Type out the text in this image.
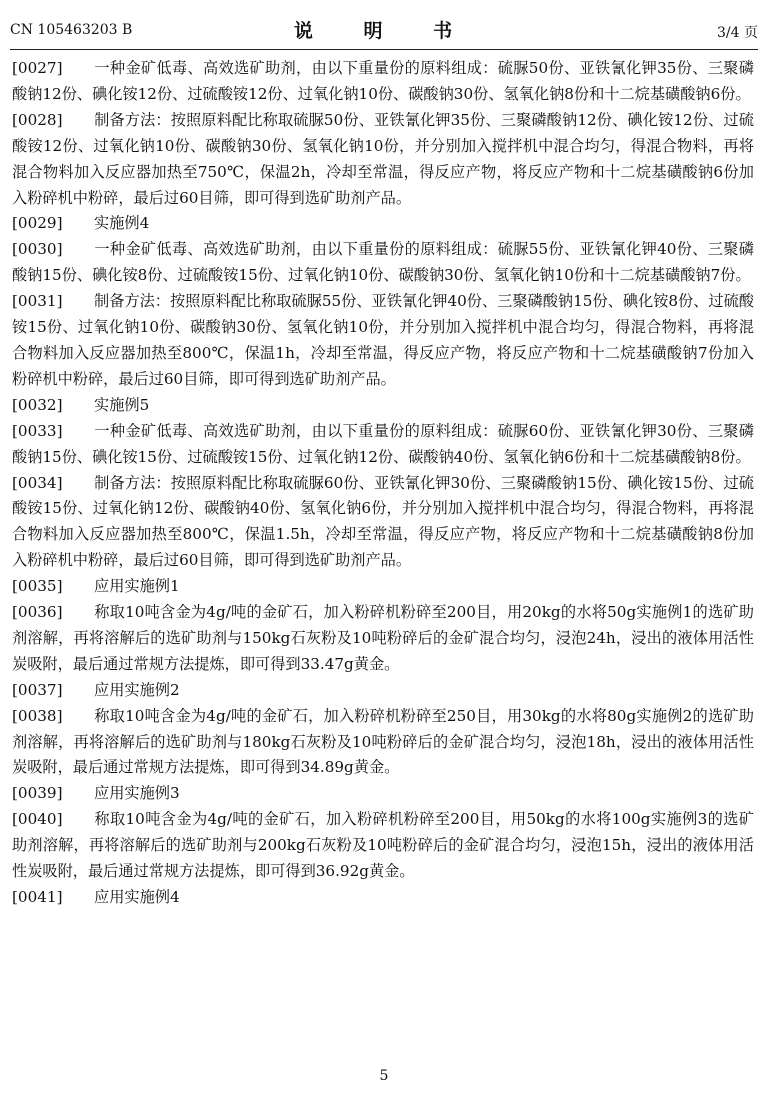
CN 105463203 B	说 明 书	3/4 页

[0027] 一种金矿低毒、高效选矿助剂，由以下重量份的原料组成：硫脲50份、亚铁氰化钾35份、三聚磷酸钠12份、碘化铵12份、过硫酸铵12份、过氧化钠10份、碳酸钠30份、氢氧化钠8份和十二烷基磺酸钠6份。

[0028] 制备方法：按照原料配比称取硫脲50份、亚铁氰化钾35份、三聚磷酸钠12份、碘化铵12份、过硫酸铵12份、过氧化钠10份、碳酸钠30份、氢氧化钠10份，并分别加入搅拌机中混合均匀，得混合物料，再将混合物料加入反应器加热至750℃，保温2h，冷却至常温，得反应产物，将反应产物和十二烷基磺酸钠6份加入粉碎机中粉碎，最后过60目筛，即可得到选矿助剂产品。

[0029] 实施例4

[0030] 一种金矿低毒、高效选矿助剂，由以下重量份的原料组成：硫脲55份、亚铁氰化钾40份、三聚磷酸钠15份、碘化铵8份、过硫酸铵15份、过氧化钠10份、碳酸钠30份、氢氧化钠10份和十二烷基磺酸钠7份。

[0031] 制备方法：按照原料配比称取硫脲55份、亚铁氰化钾40份、三聚磷酸钠15份、碘化铵8份、过硫酸铵15份、过氧化钠10份、碳酸钠30份、氢氧化钠10份，并分别加入搅拌机中混合均匀，得混合物料，再将混合物料加入反应器加热至800℃，保温1h，冷却至常温，得反应产物，将反应产物和十二烷基磺酸钠7份加入粉碎机中粉碎，最后过60目筛，即可得到选矿助剂产品。

[0032] 实施例5

[0033] 一种金矿低毒、高效选矿助剂，由以下重量份的原料组成：硫脲60份、亚铁氰化钾30份、三聚磷酸钠15份、碘化铵15份、过硫酸铵15份、过氧化钠12份、碳酸钠40份、氢氧化钠6份和十二烷基磺酸钠8份。

[0034] 制备方法：按照原料配比称取硫脲60份、亚铁氰化钾30份、三聚磷酸钠15份、碘化铵15份、过硫酸铵15份、过氧化钠12份、碳酸钠40份、氢氧化钠6份，并分别加入搅拌机中混合均匀，得混合物料，再将混合物料加入反应器加热至800℃，保温1.5h，冷却至常温，得反应产物，将反应产物和十二烷基磺酸钠8份加入粉碎机中粉碎，最后过60目筛，即可得到选矿助剂产品。

[0035] 应用实施例1

[0036] 称取10吨含金为4g/吨的金矿石，加入粉碎机粉碎至200目，用20kg的水将50g实施例1的选矿助剂溶解，再将溶解后的选矿助剂与150kg石灰粉及10吨粉碎后的金矿混合均匀，浸泡24h，浸出的液体用活性炭吸附，最后通过常规方法提炼，即可得到33.47g黄金。

[0037] 应用实施例2

[0038] 称取10吨含金为4g/吨的金矿石，加入粉碎机粉碎至250目，用30kg的水将80g实施例2的选矿助剂溶解，再将溶解后的选矿助剂与180kg石灰粉及10吨粉碎后的金矿混合均匀，浸泡18h，浸出的液体用活性炭吸附，最后通过常规方法提炼，即可得到34.89g黄金。

[0039] 应用实施例3

[0040] 称取10吨含金为4g/吨的金矿石，加入粉碎机粉碎至200目，用50kg的水将100g实施例3的选矿助剂溶解，再将溶解后的选矿助剂与200kg石灰粉及10吨粉碎后的金矿混合均匀，浸泡15h，浸出的液体用活性炭吸附，最后通过常规方法提炼，即可得到36.92g黄金。

[0041] 应用实施例4

5
